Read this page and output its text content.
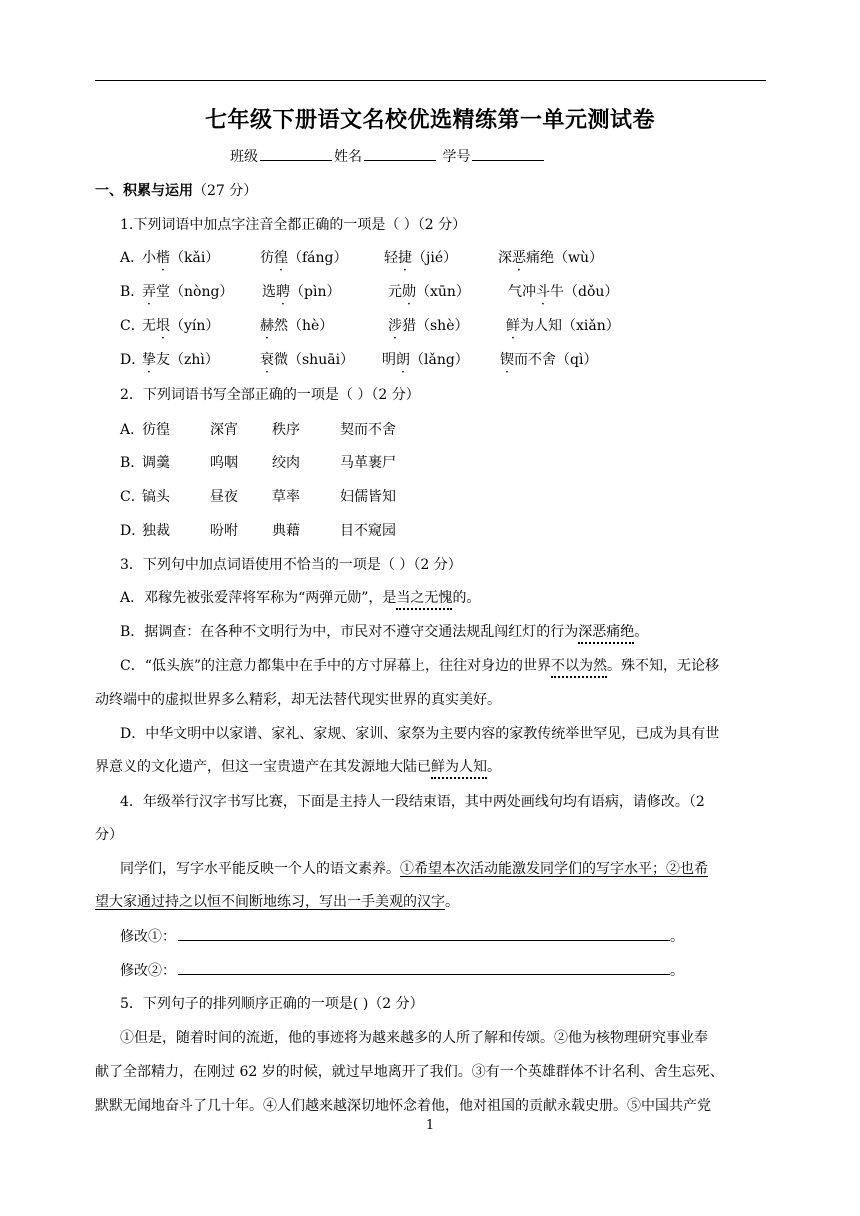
七年级下册语文名校优选精练第一单元测试卷
班级	姓名	学号
一、积累与运用（27 分）
1.下列词语中加点字注音全都正确的一项是（ ）（2 分）
A．
小楷（kǎi）	彷徨（fáng）	轻捷（jié）	深恶痛绝（wù）
B．
弄堂（nòng） 选聘（pìn）	元勋（xūn）	气冲斗牛（dǒu）
C．
无垠（yín）	赫然（hè）	涉猎（shè）	鲜为人知（xiǎn）
D．
挚友（zhì）	衰微（shuāi） 明朗（lǎng） 锲而不舍（qì）
2．下列词语书写全部正确的一项是（ ）（2 分）
A．
彷徨	深宵 秩序	契而不舍
B．
调羹	呜咽 绞肉	马革裹尸
C．
镐头	昼夜 草率	妇儒皆知
D．
独裁	吩咐 典藉	目不窥园
3．下列句中加点词语使用不恰当的一项是（ ）（2 分）
A．邓稼先被张爱萍将军称为“两弹元勋”，是当之无愧的。
B．据调查：在各种不文明行为中，市民对不遵守交通法规乱闯红灯的行为深恶痛绝。
C．“低头族”的注意力都集中在手中的方寸屏幕上，往往对身边的世界不以为然。殊不知，无论移
动终端中的虚拟世界多么精彩，却无法替代现实世界的真实美好。
D．中华文明中以家谱、家礼、家规、家训、家祭为主要内容的家教传统举世罕见，已成为具有世
界意义的文化遗产，但这一宝贵遗产在其发源地大陆已鲜为人知。
4．年级举行汉字书写比赛，下面是主持人一段结束语，其中两处画线句均有语病，请修改。（2
分）
同学们，写字水平能反映一个人的语文素养。①希望本次活动能激发同学们的写字水平；②也希
望大家通过持之以恒不间断地练习，写出一手美观的汉字。
修改①：	。
修改②：	。
5．下列句子的排列顺序正确的一项是( )（2 分）
①但是，随着时间的流逝，他的事迹将为越来越多的人所了解和传颂。②他为核物理研究事业奉
献了全部精力，在刚过 62 岁的时候，就过早地离开了我们。③有一个英雄群体不计名利、舍生忘死、
默默无闻地奋斗了几十年。④人们越来越深切地怀念着他，他对祖国的贡献永载史册。⑤中国共产党
1
